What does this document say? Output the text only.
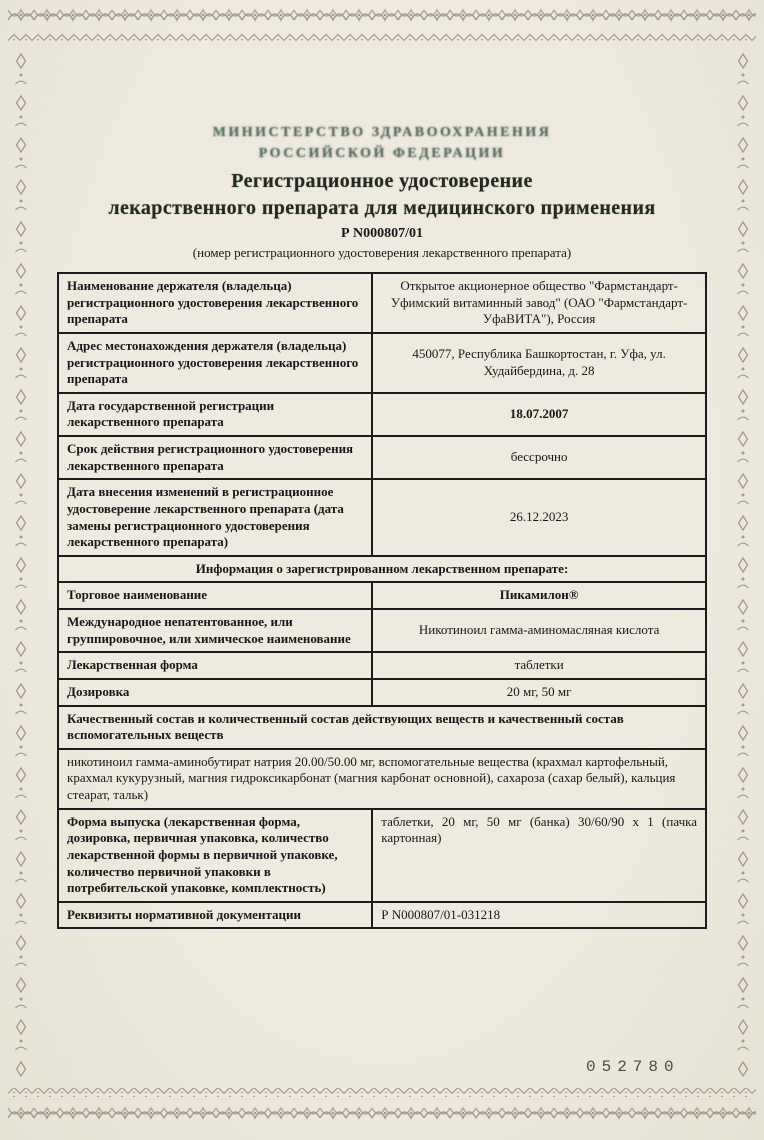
МИНИСТЕРСТВО ЗДРАВООХРАНЕНИЯ
РОССИЙСКОЙ ФЕДЕРАЦИИ
Регистрационное удостоверение
лекарственного препарата для медицинского применения
Р N000807/01
(номер регистрационного удостоверения лекарственного препарата)
Наименование держателя (владельца) регистрационного удостоверения лекарственного препарата	Открытое акционерное общество "Фармстандарт-Уфимский витаминный завод" (ОАО "Фармстандарт-УфаВИТА"), Россия
Адрес местонахождения держателя (владельца) регистрационного удостоверения лекарственного препарата	450077, Республика Башкортостан, г. Уфа, ул. Худайбердина, д. 28
Дата государственной регистрации лекарственного препарата	18.07.2007
Срок действия регистрационного удостоверения лекарственного препарата	бессрочно
Дата внесения изменений в регистрационное удостоверение лекарственного препарата (дата замены регистрационного удостоверения лекарственного препарата)	26.12.2023
Информация о зарегистрированном лекарственном препарате:	
Торговое наименование	Пикамилон®
Международное непатентованное, или группировочное, или химическое наименование	Никотиноил гамма-аминомасляная кислота
Лекарственная форма	таблетки
Дозировка	20 мг, 50 мг
Качественный состав и количественный состав действующих веществ и качественный состав вспомогательных веществ	
никотиноил гамма-аминобутират натрия 20.00/50.00 мг, вспомогательные вещества (крахмал картофельный, крахмал кукурузный, магния гидроксикарбонат (магния карбонат основной), сахароза (сахар белый), кальция стеарат, тальк)	
Форма выпуска (лекарственная форма, дозировка, первичная упаковка, количество лекарственной формы в первичной упаковке, количество первичной упаковки в потребительской упаковке, комплектность)	таблетки, 20 мг, 50 мг (банка) 30/60/90 х 1 (пачка картонная)
Реквизиты нормативной документации	Р N000807/01-031218
052780
